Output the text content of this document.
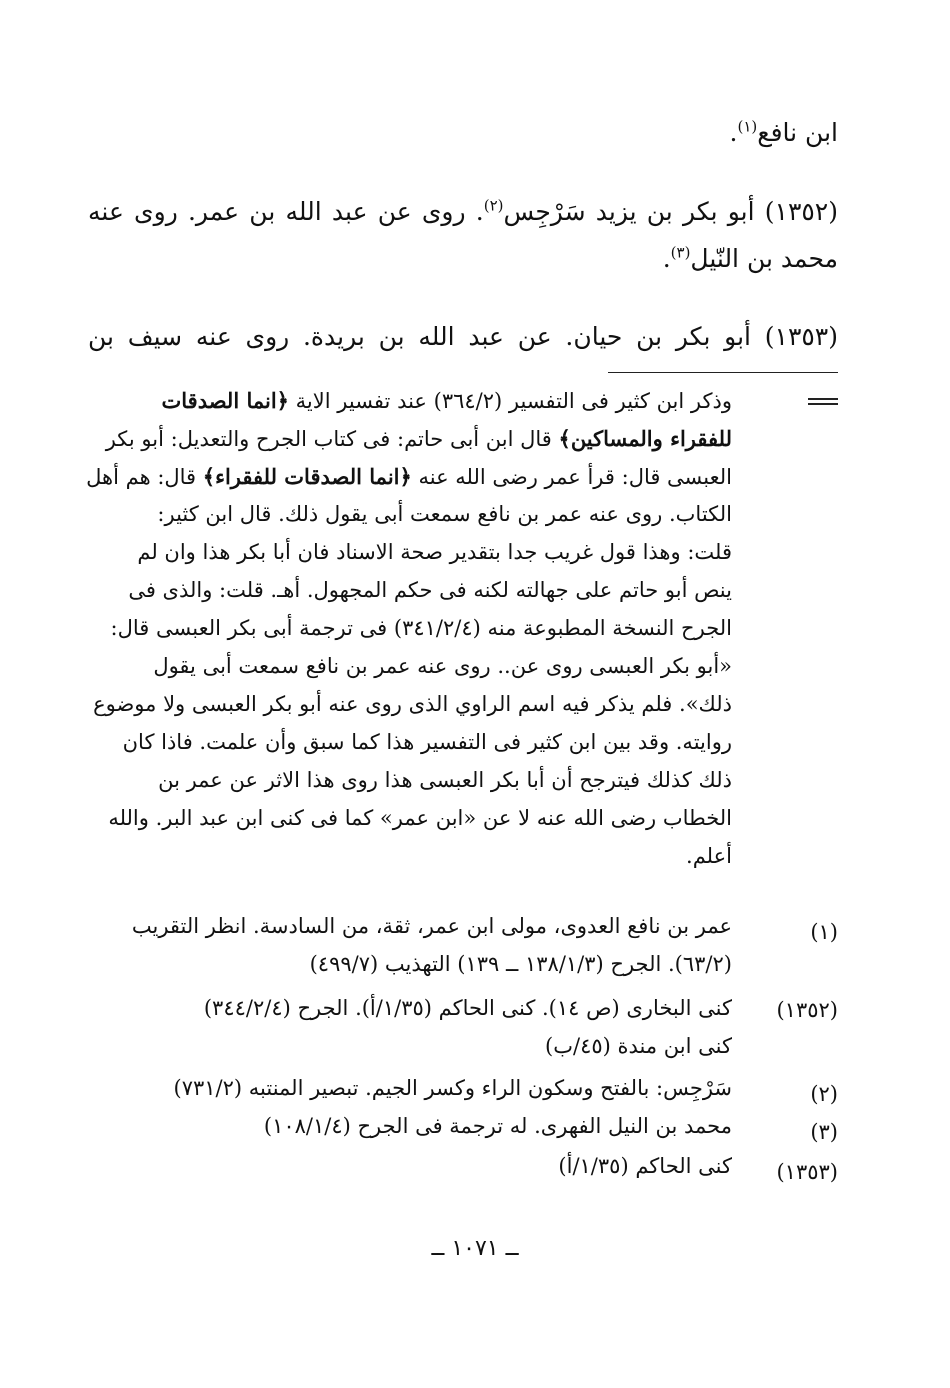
ابن نافع$^{(١)}$.
(١٣٥٢) أبو بكر بن يزيد سَرْجِس$^{(٢)}$. روى عن عبد الله بن عمر. روى عنه
محمد بن النّيل$^{(٣)}$.
(١٣٥٣) أبو بكر بن حيان. عن عبد الله بن بريدة. روى عنه سيف بن
وذكر ابن كثير فى التفسير (٣٦٤/٢) عند تفسير الاية ﴿انما الصدقات
للفقراء والمساكين﴾ قال ابن أبى حاتم: فى كتاب الجرح والتعديل: أبو بكر
العبسى قال: قرأ عمر رضى الله عنه ﴿انما الصدقات للفقراء﴾ قال: هم أهل
الكتاب. روى عنه عمر بن نافع سمعت أبى يقول ذلك. قال ابن كثير:
قلت: وهذا قول غريب جدا بتقدير صحة الاسناد فان أبا بكر هذا وان لم
ينص أبو حاتم على جهالته لكنه فى حكم المجهول. أهـ. قلت: والذى فى
الجرح النسخة المطبوعة منه (٣٤١/٢/٤) فى ترجمة أبى بكر العبسى قال:
«أبو بكر العبسى روى عن.. روى عنه عمر بن نافع سمعت أبى يقول
ذلك». فلم يذكر فيه اسم الراوي الذى روى عنه أبو بكر العبسى ولا موضوع
روايته. وقد بين ابن كثير فى التفسير هذا كما سبق وأن علمت. فاذا كان
ذلك كذلك فيترجح أن أبا بكر العبسى هذا روى هذا الاثر عن عمر بن
الخطاب رضى الله عنه لا عن «ابن عمر» كما فى كنى ابن عبد البر. والله
أعلم.
(١)
عمر بن نافع العدوى، مولى ابن عمر، ثقة، من السادسة. انظر التقريب
(٦٣/٢). الجرح (١٣٨/١/٣ ــ ١٣٩) التهذيب (٤٩٩/٧)
(١٣٥٢)
كنى البخارى (ص ١٤). كنى الحاكم (١/٣٥/أ). الجرح (٣٤٤/٢/٤)
كنى ابن مندة (٤٥/ب)
(٢)
سَرْجِس: بالفتح وسكون الراء وكسر الجيم. تبصير المنتبه (٧٣١/٢)
(٣)
محمد بن النيل الفهرى. له ترجمة فى الجرح (١٠٨/١/٤)
(١٣٥٣)
كنى الحاكم (١/٣٥/أ)
ــ ١٠٧١ ــ
